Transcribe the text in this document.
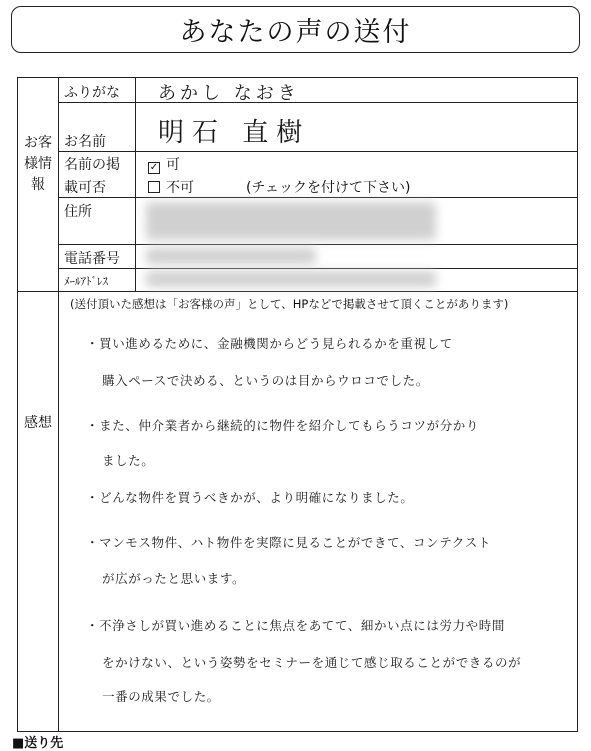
あなたの声の送付
お客様情報
ふりがな あかし なおき
お名前 明石 直樹
名前の掲
載可否
✓ 可
不可	(チェックを付けて下さい)
住所
電話番号
ﾒｰﾙｱﾄﾞﾚｽ
感想
(送付頂いた感想は「お客様の声」として、HPなどで掲載させて頂くことがあります)
・買い進めるために、金融機関からどう見られるかを重視して
購入ペースで決める、というのは目からウロコでした。
・また、仲介業者から継続的に物件を紹介してもらうコツが分かり
ました。
・どんな物件を買うべきかが、より明確になりました。
・マンモス物件、ハト物件を実際に見ることができて、コンテクスト
が広がったと思います。
・不浄さしが買い進めることに焦点をあてて、細かい点には労力や時間
をかけない、という姿勢をセミナーを通じて感じ取ることができるのが
一番の成果でした。
■送り先
